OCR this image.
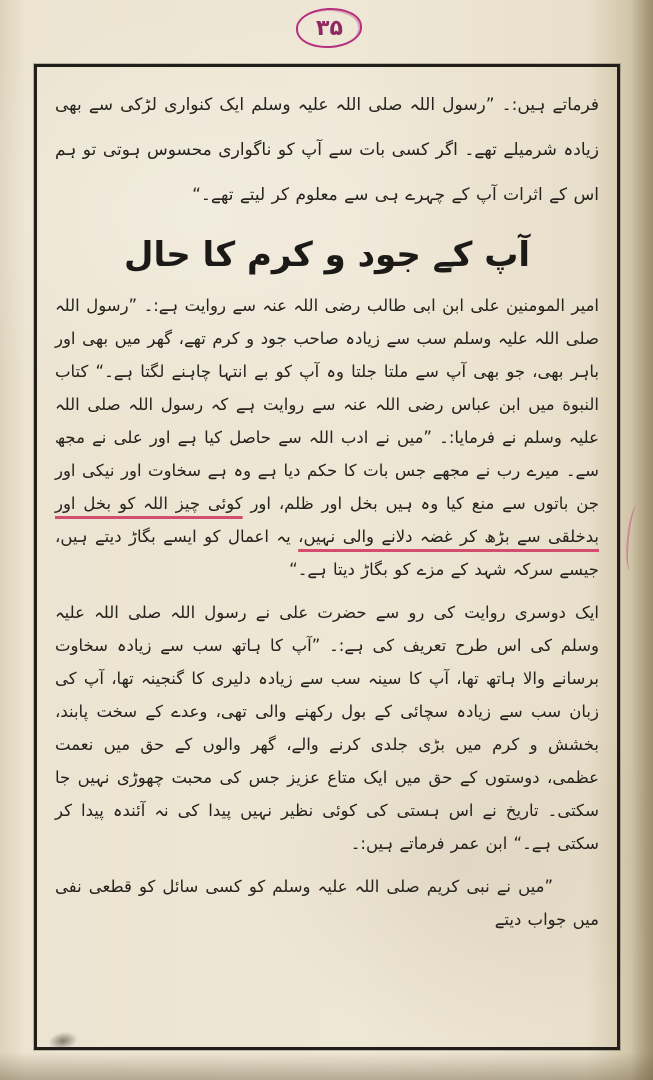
۳۵

فرماتے ہیں:۔ ”رسول اللہ صلی اللہ علیہ وسلم ایک کنواری لڑکی سے بھی زیادہ شرمیلے تھے۔ اگر کسی بات سے آپ کو ناگواری محسوس ہوتی تو ہم اس کے اثرات آپ کے چہرے ہی سے معلوم کر لیتے تھے۔“

آپ کے جود و کرم کا حال

امیر المومنین علی ابن ابی طالب رضی اللہ عنہ سے روایت ہے:۔ ”رسول اللہ صلی اللہ علیہ وسلم سب سے زیادہ صاحب جود و کرم تھے، گھر میں بھی اور باہر بھی، جو بھی آپ سے ملتا جلتا وہ آپ کو بے انتہا چاہنے لگتا ہے۔“ کتاب النبوة میں ابن عباس رضی اللہ عنہ سے روایت ہے کہ رسول اللہ صلی اللہ علیہ وسلم نے فرمایا:۔ ”میں نے ادب اللہ سے حاصل کیا ہے اور علی نے مجھ سے۔ میرے رب نے مجھے جس بات کا حکم دیا ہے وہ ہے سخاوت اور نیکی اور جن باتوں سے منع کیا وہ ہیں بخل اور ظلم، اور کوئی چیز اللہ کو بخل اور بدخلقی سے بڑھ کر غضہ دلانے والی نہیں، یہ اعمال کو ایسے بگاڑ دیتے ہیں، جیسے سرکہ شہد کے مزے کو بگاڑ دیتا ہے۔“

ایک دوسری روایت کی رو سے حضرت علی نے رسول اللہ صلی اللہ علیہ وسلم کی اس طرح تعریف کی ہے:۔ ”آپ کا ہاتھ سب سے زیادہ سخاوت برسانے والا ہاتھ تھا، آپ کا سینہ سب سے زیادہ دلیری کا گنجینہ تھا، آپ کی زبان سب سے زیادہ سچائی کے بول رکھنے والی تھی، وعدے کے سخت پابند، بخشش و کرم میں بڑی جلدی کرنے والے، گھر والوں کے حق میں نعمت عظمی، دوستوں کے حق میں ایک متاع عزیز جس کی محبت چھوڑی نہیں جا سکتی۔ تاریخ نے اس ہستی کی کوئی نظیر نہیں پیدا کی نہ آئندہ پیدا کر سکتی ہے۔“ ابن عمر فرماتے ہیں:۔

”میں نے نبی کریم صلی اللہ علیہ وسلم کو کسی سائل کو قطعی نفی میں جواب دیتے
